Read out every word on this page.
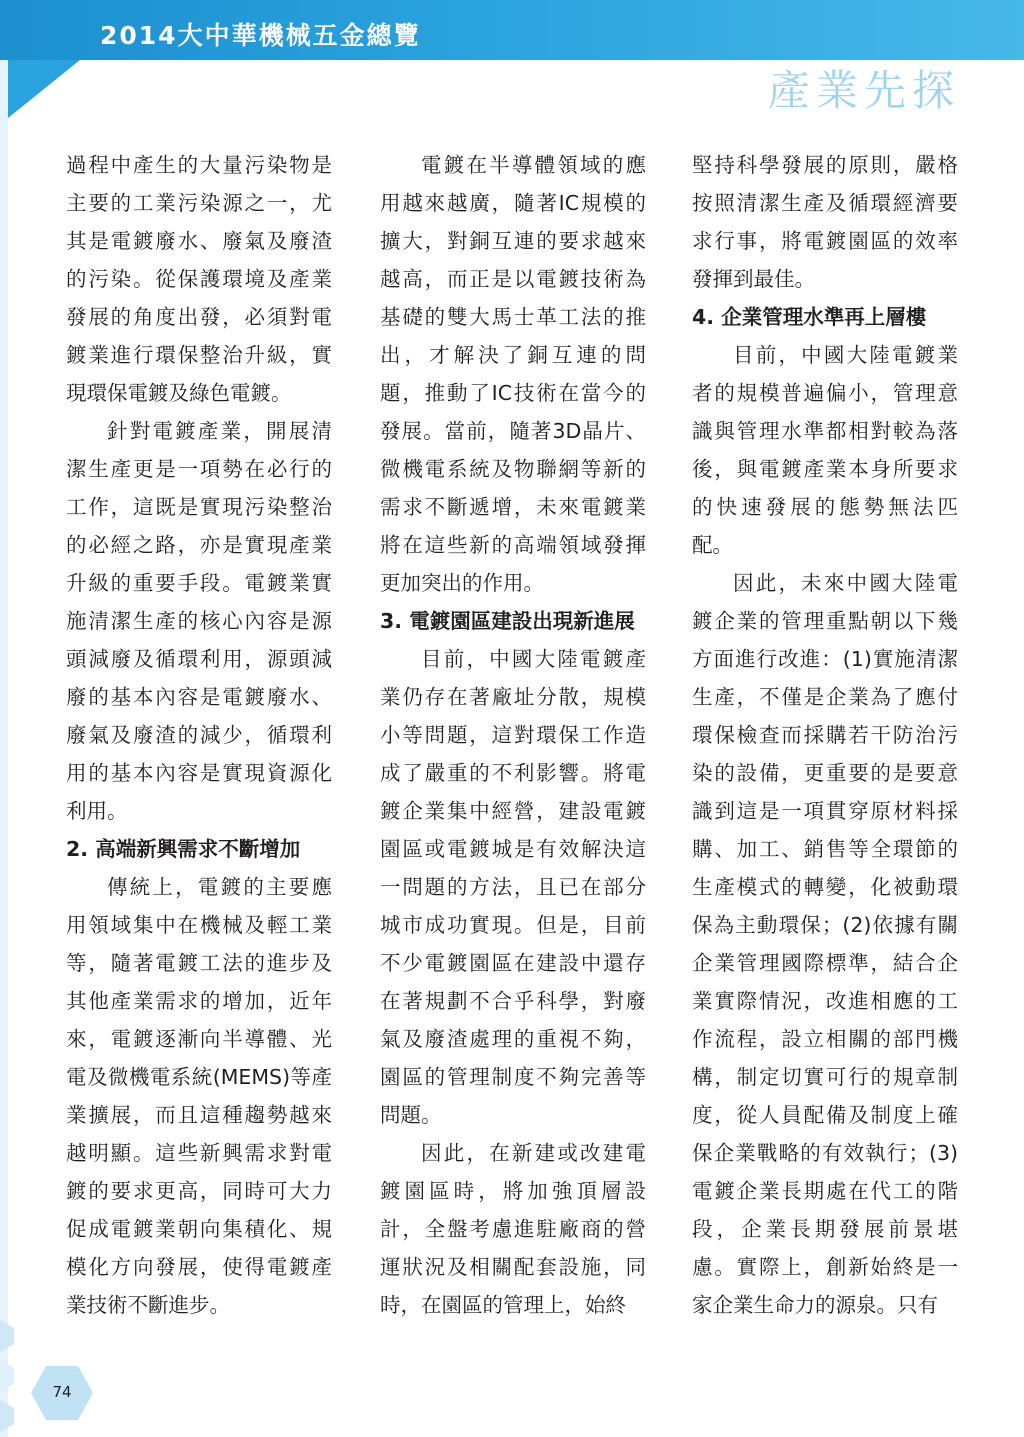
2014大中華機械五金總覽
產業先探

過程中產生的大量污染物是主要的工業污染源之一，尤其是電鍍廢水、廢氣及廢渣的污染。從保護環境及產業發展的角度出發，必須對電鍍業進行環保整治升級，實現環保電鍍及綠色電鍍。

針對電鍍產業，開展清潔生產更是一項勢在必行的工作，這既是實現污染整治的必經之路，亦是實現產業升級的重要手段。電鍍業實施清潔生產的核心內容是源頭減廢及循環利用，源頭減廢的基本內容是電鍍廢水、廢氣及廢渣的減少，循環利用的基本內容是實現資源化利用。

2. 高端新興需求不斷增加

傳統上，電鍍的主要應用領域集中在機械及輕工業等，隨著電鍍工法的進步及其他產業需求的增加，近年來，電鍍逐漸向半導體、光電及微機電系統(MEMS)等產業擴展，而且這種趨勢越來越明顯。這些新興需求對電鍍的要求更高，同時可大力促成電鍍業朝向集積化、規模化方向發展，使得電鍍產業技術不斷進步。

電鍍在半導體領域的應用越來越廣，隨著IC規模的擴大，對銅互連的要求越來越高，而正是以電鍍技術為基礎的雙大馬士革工法的推出，才解決了銅互連的問題，推動了IC技術在當今的發展。當前，隨著3D晶片、微機電系統及物聯網等新的需求不斷遞增，未來電鍍業將在這些新的高端領域發揮更加突出的作用。

3. 電鍍園區建設出現新進展

目前，中國大陸電鍍產業仍存在著廠址分散，規模小等問題，這對環保工作造成了嚴重的不利影響。將電鍍企業集中經營，建設電鍍園區或電鍍城是有效解決這一問題的方法，且已在部分城市成功實現。但是，目前不少電鍍園區在建設中還存在著規劃不合乎科學，對廢氣及廢渣處理的重視不夠，園區的管理制度不夠完善等問題。

因此，在新建或改建電鍍園區時，將加強頂層設計，全盤考慮進駐廠商的營運狀況及相關配套設施，同時，在園區的管理上，始終

堅持科學發展的原則，嚴格按照清潔生產及循環經濟要求行事，將電鍍園區的效率發揮到最佳。

4. 企業管理水準再上層樓

目前，中國大陸電鍍業者的規模普遍偏小，管理意識與管理水準都相對較為落後，與電鍍產業本身所要求的快速發展的態勢無法匹配。

因此，未來中國大陸電鍍企業的管理重點朝以下幾方面進行改進：(1)實施清潔生產，不僅是企業為了應付環保檢查而採購若干防治污染的設備，更重要的是要意識到這是一項貫穿原材料採購、加工、銷售等全環節的生產模式的轉變，化被動環保為主動環保；(2)依據有關企業管理國際標準，結合企業實際情況，改進相應的工作流程，設立相關的部門機構，制定切實可行的規章制度，從人員配備及制度上確保企業戰略的有效執行；(3)電鍍企業長期處在代工的階段，企業長期發展前景堪慮。實際上，創新始終是一家企業生命力的源泉。只有

74
